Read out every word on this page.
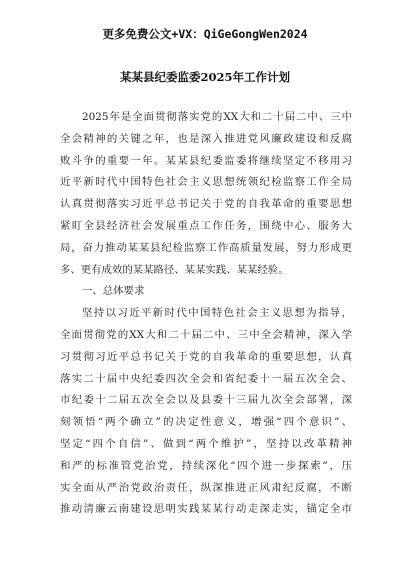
更多免费公文+VX：QiGeGongWen2024
某某县纪委监委2025年工作计划
2025年是全面贯彻落实党的XX大和二十届二中、三中
全会精神的关键之年，也是深入推进党风廉政建设和反腐
败斗争的重要一年。某某县纪委监委将继续坚定不移用习
近平新时代中国特色社会主义思想统领纪检监察工作全局
认真贯彻落实习近平总书记关于党的自我革命的重要思想
紧盯全县经济社会发展重点工作任务，围绕中心、服务大
局，奋力推动某某县纪检监察工作高质量发展，努力形成更
多、更有成效的某某路径、某某实践、某某经验。
一、总体要求
坚持以习近平新时代中国特色社会主义思想为指导，
全面贯彻党的XX大和二十届二中、三中全会精神，深入学
习贯彻习近平总书记关于党的自我革命的重要思想，认真
落实二十届中央纪委四次全会和省纪委十一届五次全会、
市纪委十二届五次全会以及县委十三届九次全会部署，深
刻领悟“两个确立”的决定性意义，增强“四个意识”、
坚定“四个自信”、做到“两个维护”，坚持以改革精神
和严的标准管党治党，持续深化“四个进一步探索”，压
实全面从严治党政治责任，纵深推进正风肃纪反腐，不断
推动清廉云南建设思明实践某某行动走深走实，锚定全市
